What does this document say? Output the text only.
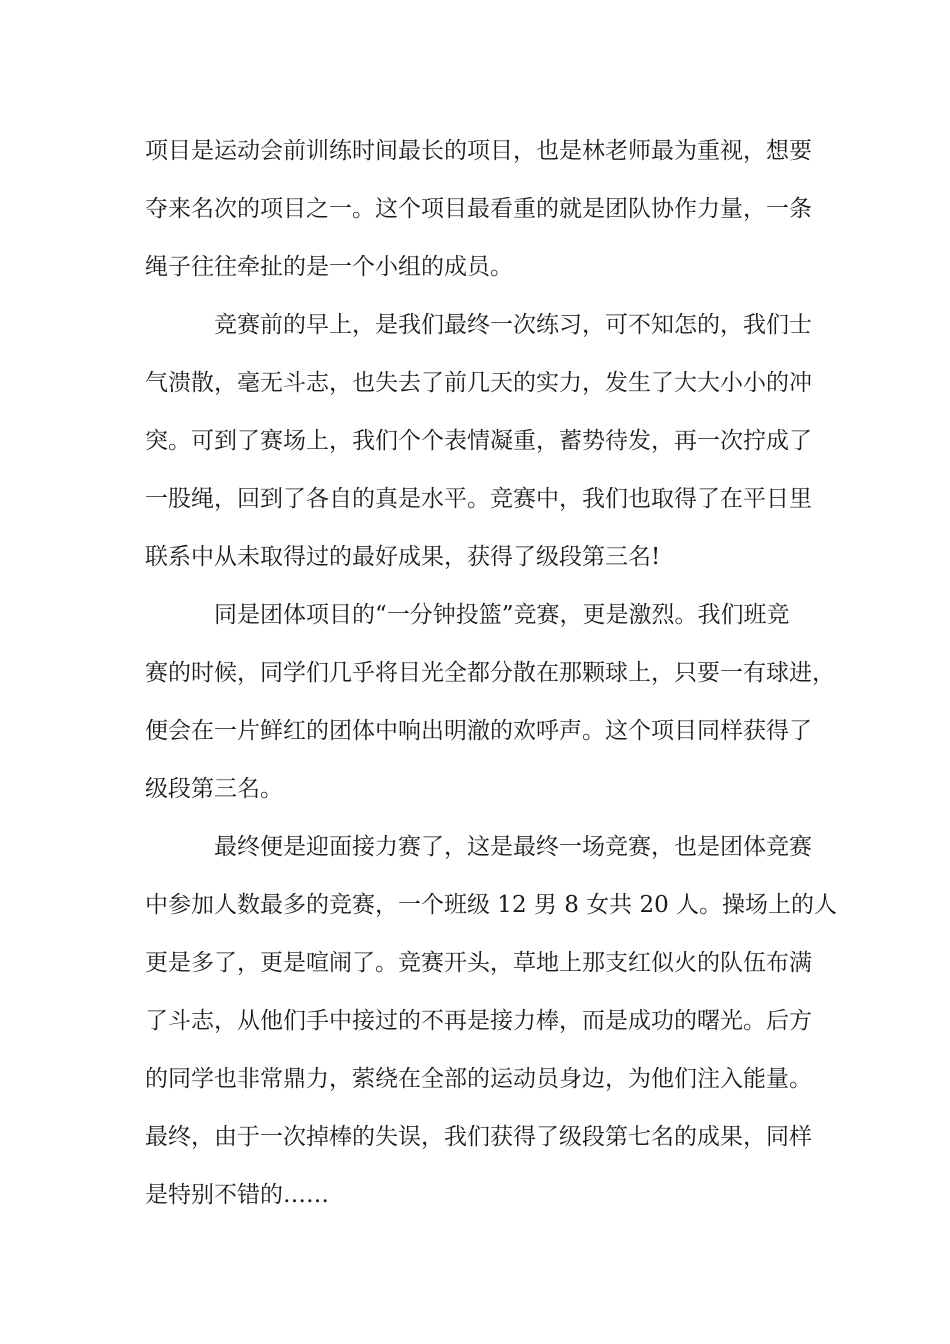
项目是运动会前训练时间最长的项目，也是林老师最为重视，想要
夺来名次的项目之一。这个项目最看重的就是团队协作力量，一条
绳子往往牵扯的是一个小组的成员。
竞赛前的早上，是我们最终一次练习，可不知怎的，我们士
气溃散，毫无斗志，也失去了前几天的实力，发生了大大小小的冲
突。可到了赛场上，我们个个表情凝重，蓄势待发，再一次拧成了
一股绳，回到了各自的真是水平。竞赛中，我们也取得了在平日里
联系中从未取得过的最好成果，获得了级段第三名!
同是团体项目的“一分钟投篮”竞赛，更是激烈。我们班竞
赛的时候，同学们几乎将目光全都分散在那颗球上，只要一有球进，
便会在一片鲜红的团体中响出明澈的欢呼声。这个项目同样获得了
级段第三名。
最终便是迎面接力赛了，这是最终一场竞赛，也是团体竞赛
中参加人数最多的竞赛，一个班级 12 男 8 女共 20 人。操场上的人
更是多了，更是喧闹了。竞赛开头，草地上那支红似火的队伍布满
了斗志，从他们手中接过的不再是接力棒，而是成功的曙光。后方
的同学也非常鼎力，萦绕在全部的运动员身边，为他们注入能量。
最终，由于一次掉棒的失误，我们获得了级段第七名的成果，同样
是特别不错的……
